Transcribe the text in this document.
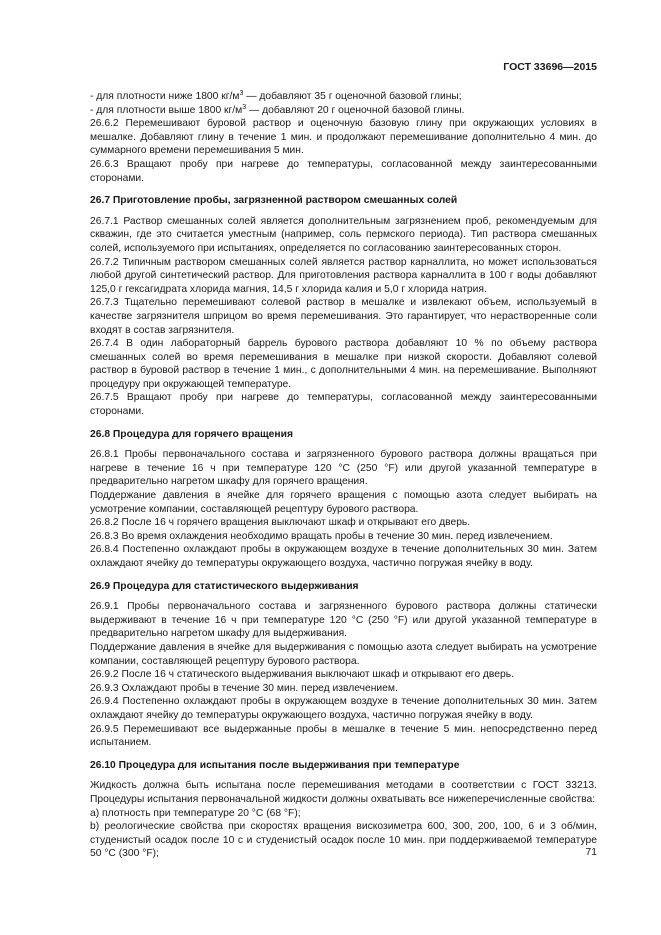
ГОСТ 33696—2015

- для плотности ниже 1800 $кг/м^3$ — добавляют 35 г оценочной базовой глины;

- для плотности выше 1800 $кг/м^3$ — добавляют 20 г оценочной базовой глины.

26.6.2 Перемешивают буровой раствор и оценочную базовую глину при окружающих условиях в мешалке. Добавляют глину в течение 1 мин. и продолжают перемешивание дополнительно 4 мин. до суммарного времени перемешивания 5 мин.

26.6.3 Вращают пробу при нагреве до температуры, согласованной между заинтересованными сторонами.

26.7 Приготовление пробы, загрязненной раствором смешанных солей

26.7.1 Раствор смешанных солей является дополнительным загрязнением проб, рекомендуемым для скважин, где это считается уместным (например, соль пермского периода). Тип раствора смешанных солей, используемого при испытаниях, определяется по согласованию заинтересованных сторон.

26.7.2 Типичным раствором смешанных солей является раствор карналлита, но может использоваться любой другой синтетический раствор. Для приготовления раствора карналлита в 100 г воды добавляют 125,0 г гексагидрата хлорида магния, 14,5 г хлорида калия и 5,0 г хлорида натрия.

26.7.3 Тщательно перемешивают солевой раствор в мешалке и извлекают объем, используемый в качестве загрязнителя шприцом во время перемешивания. Это гарантирует, что нерастворенные соли входят в состав загрязнителя.

26.7.4 В один лабораторный баррель бурового раствора добавляют 10 % по объему раствора смешанных солей во время перемешивания в мешалке при низкой скорости. Добавляют солевой раствор в буровой раствор в течение 1 мин., с дополнительными 4 мин. на перемешивание. Выполняют процедуру при окружающей температуре.

26.7.5 Вращают пробу при нагреве до температуры, согласованной между заинтересованными сторонами.

26.8 Процедура для горячего вращения

26.8.1 Пробы первоначального состава и загрязненного бурового раствора должны вращаться при нагреве в течение 16 ч при температуре 120 °C (250 °F) или другой указанной температуре в предварительно нагретом шкафу для горячего вращения.

Поддержание давления в ячейке для горячего вращения с помощью азота следует выбирать на усмотрение компании, составляющей рецептуру бурового раствора.

26.8.2 После 16 ч горячего вращения выключают шкаф и открывают его дверь.

26.8.3 Во время охлаждения необходимо вращать пробы в течение 30 мин. перед извлечением.

26.8.4 Постепенно охлаждают пробы в окружающем воздухе в течение дополнительных 30 мин. Затем охлаждают ячейку до температуры окружающего воздуха, частично погружая ячейку в воду.

26.9 Процедура для статистического выдерживания

26.9.1 Пробы первоначального состава и загрязненного бурового раствора должны статически выдерживают в течение 16 ч при температуре 120 °C (250 °F) или другой указанной температуре в предварительно нагретом шкафу для выдерживания.

Поддержание давления в ячейке для выдерживания с помощью азота следует выбирать на усмотрение компании, составляющей рецептуру бурового раствора.

26.9.2 После 16 ч статического выдерживания выключают шкаф и открывают его дверь.

26.9.3 Охлаждают пробы в течение 30 мин. перед извлечением.

26.9.4 Постепенно охлаждают пробы в окружающем воздухе в течение дополнительных 30 мин. Затем охлаждают ячейку до температуры окружающего воздуха, частично погружая ячейку в воду.

26.9.5 Перемешивают все выдержанные пробы в мешалке в течение 5 мин. непосредственно перед испытанием.

26.10 Процедура для испытания после выдерживания при температуре

Жидкость должна быть испытана после перемешивания методами в соответствии с ГОСТ 33213. Процедуры испытания первоначальной жидкости должны охватывать все нижеперечисленные свойства:

a) плотность при температуре 20 °C (68 °F);

b) реологические свойства при скоростях вращения вискозиметра 600, 300, 200, 100, 6 и 3 об/мин, студенистый осадок после 10 с и студенистый осадок после 10 мин. при поддерживаемой температуре 50 °C (300 °F);	71
